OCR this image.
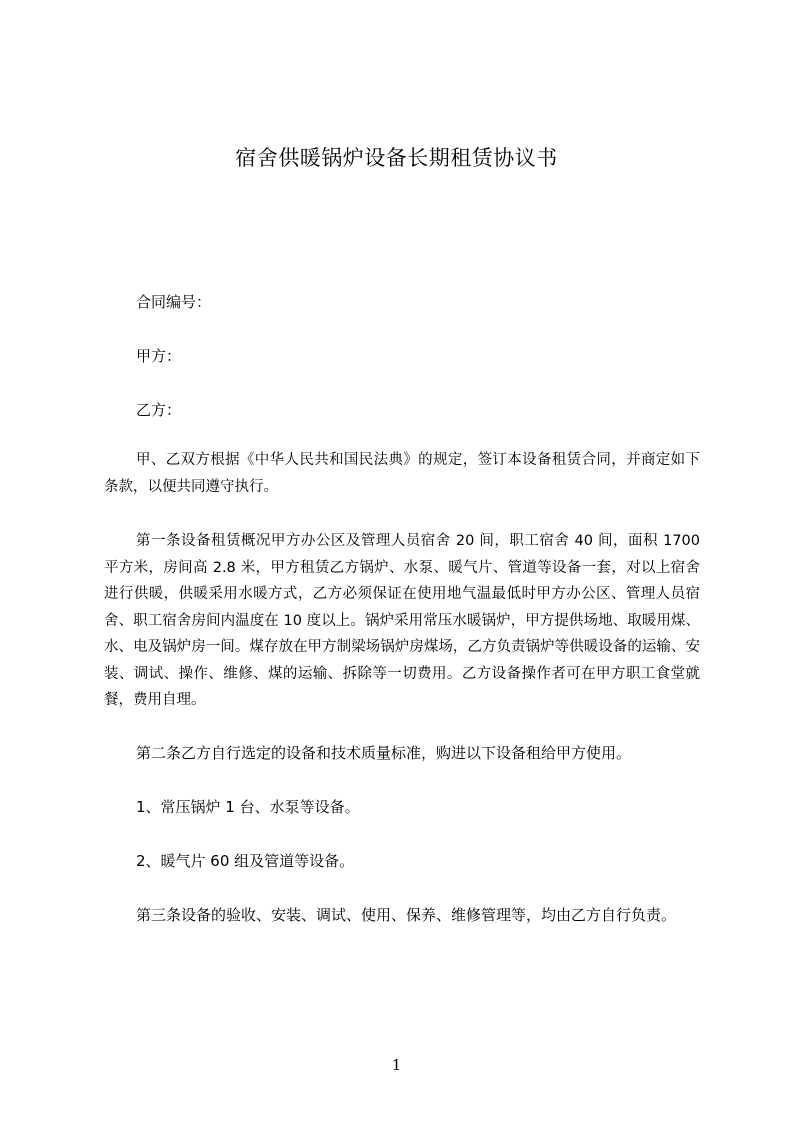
宿舍供暖锅炉设备长期租赁协议书
合同编号：
甲方：
乙方：
甲、乙双方根据《中华人民共和国民法典》的规定，签订本设备租赁合同，并商定如下条款，以便共同遵守执行。
第一条设备租赁概况甲方办公区及管理人员宿舍 20 间，职工宿舍 40 间，面积 1700 平方米，房间高 2.8 米，甲方租赁乙方锅炉、水泵、暖气片、管道等设备一套，对以上宿舍进行供暖，供暖采用水暖方式，乙方必须保证在使用地气温最低时甲方办公区、管理人员宿舍、职工宿舍房间内温度在 10 度以上。锅炉采用常压水暖锅炉，甲方提供场地、取暖用煤、水、电及锅炉房一间。煤存放在甲方制梁场锅炉房煤场，乙方负责锅炉等供暖设备的运输、安装、调试、操作、维修、煤的运输、拆除等一切费用。乙方设备操作者可在甲方职工食堂就餐，费用自理。
第二条乙方自行选定的设备和技术质量标准，购进以下设备租给甲方使用。
1、常压锅炉 1 台、水泵等设备。
2、暖气片 60 组及管道等设备。
第三条设备的验收、安装、调试、使用、保养、维修管理等，均由乙方自行负责。
1
